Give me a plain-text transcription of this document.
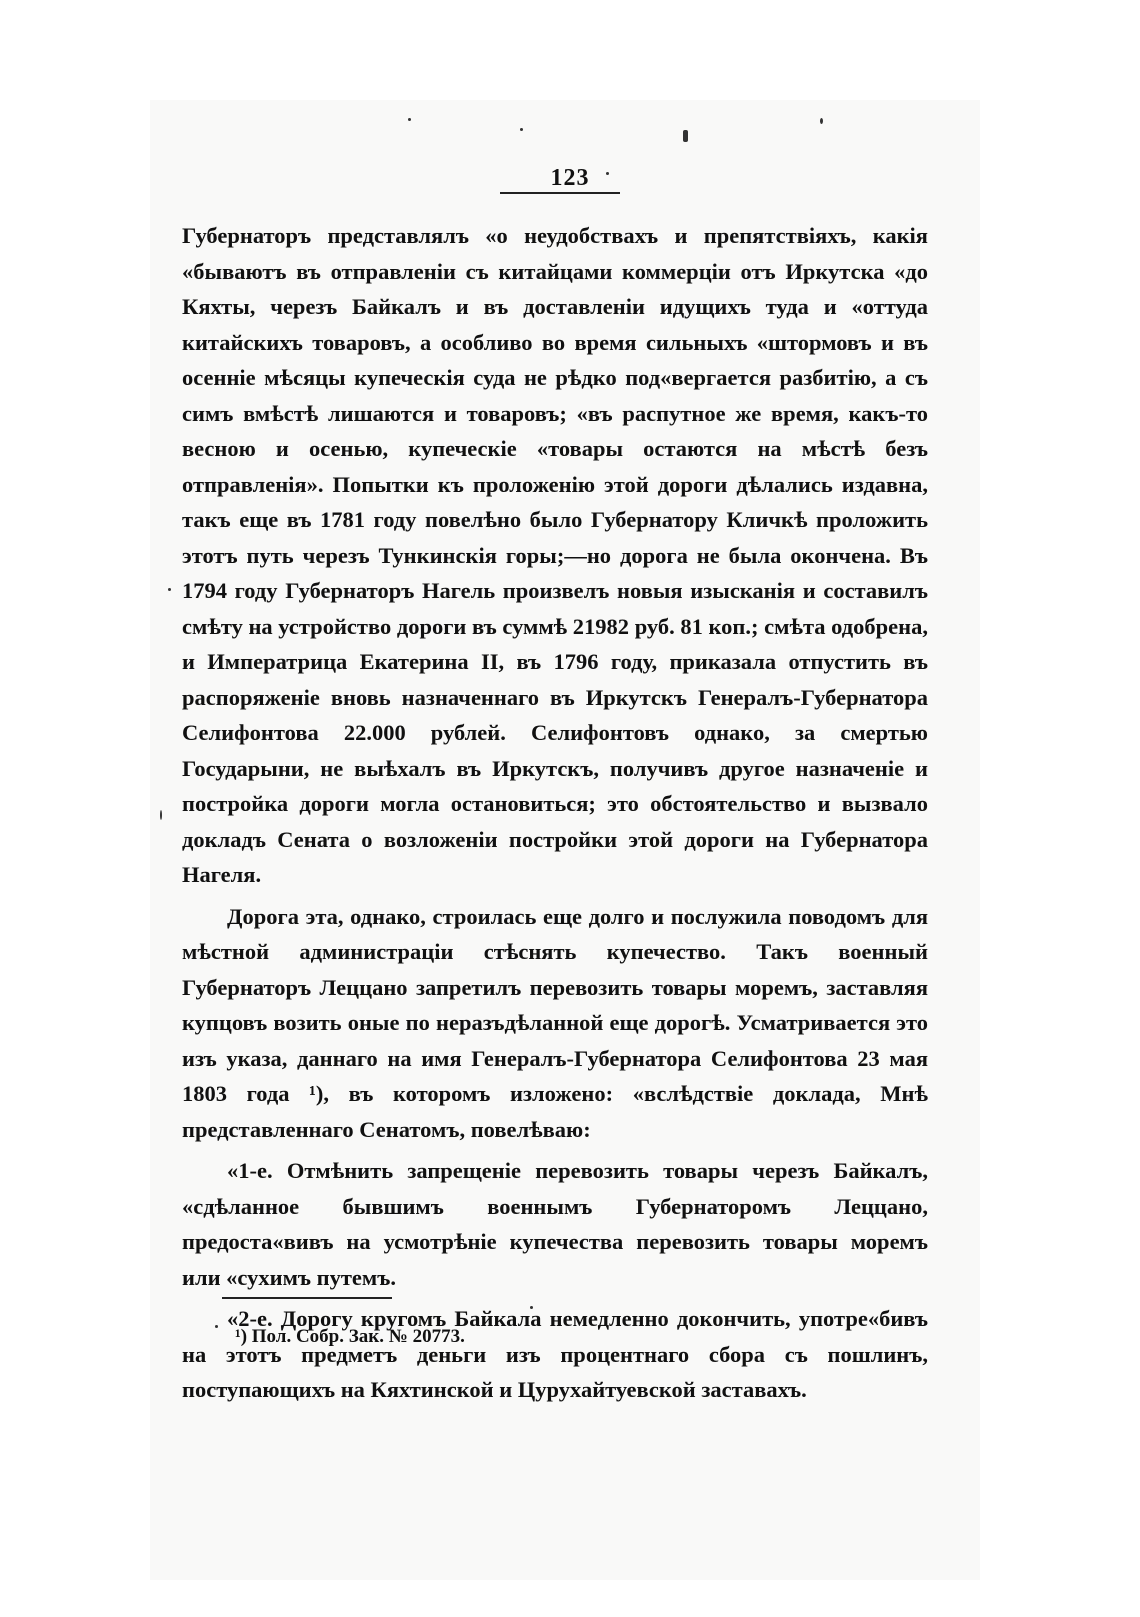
123

Губернаторъ представлялъ «о неудобствахъ и препятствіяхъ, какія «бываютъ въ отправленіи съ китайцами коммерціи отъ Иркутска «до Кяхты, черезъ Байкалъ и въ доставленіи идущихъ туда и «оттуда китайскихъ товаровъ, а особливо во время сильныхъ «штормовъ и въ осенніе мѣсяцы купеческія суда не рѣдко под«вергается разбитію, а съ симъ вмѣстѣ лишаются и товаровъ; «въ распутное же время, какъ-то весною и осенью, купеческіе «товары остаются на мѣстѣ безъ отправленія». Попытки къ проложенію этой дороги дѣлались издавна, такъ еще въ 1781 году повелѣно было Губернатору Кличкѣ проложить этотъ путь черезъ Тункинскія горы;—но дорога не была окончена. Въ 1794 году Губернаторъ Нагель произвелъ новыя изысканія и составилъ смѣту на устройство дороги въ суммѣ 21982 руб. 81 коп.; смѣта одобрена, и Императрица Екатерина II, въ 1796 году, приказала отпустить въ распоряженіе вновь назначеннаго въ Иркутскъ Генералъ-Губернатора Селифонтова 22.000 рублей. Селифонтовъ однако, за смертью Государыни, не выѣхалъ въ Иркутскъ, получивъ другое назначеніе и постройка дороги могла остановиться; это обстоятельство и вызвало докладъ Сената о возложеніи постройки этой дороги на Губернатора Нагеля.

Дорога эта, однако, строилась еще долго и послужила поводомъ для мѣстной администраціи стѣснять купечество. Такъ военный Губернаторъ Леццано запретилъ перевозить товары моремъ, заставляя купцовъ возить оные по неразъдѣланной еще дорогѣ. Усматривается это изъ указа, даннаго на имя Генералъ-Губернатора Селифонтова 23 мая 1803 года ¹), въ которомъ изложено: «вслѣдствіе доклада, Мнѣ представленнаго Сенатомъ, повелѣваю:

«1-е. Отмѣнить запрещеніе перевозить товары черезъ Байкалъ, «сдѣланное бывшимъ военнымъ Губернаторомъ Леццано, предоста«вивъ на усмотрѣніе купечества перевозить товары моремъ или «сухимъ путемъ.

«2-е. Дорогу кругомъ Байкала немедленно докончить, употре«бивъ на этотъ предметъ деньги изъ процентнаго сбора съ пошлинъ, поступающихъ на Кяхтинской и Цурухайтуевской заставахъ.

¹) Пол. Собр. Зак. № 20773.
